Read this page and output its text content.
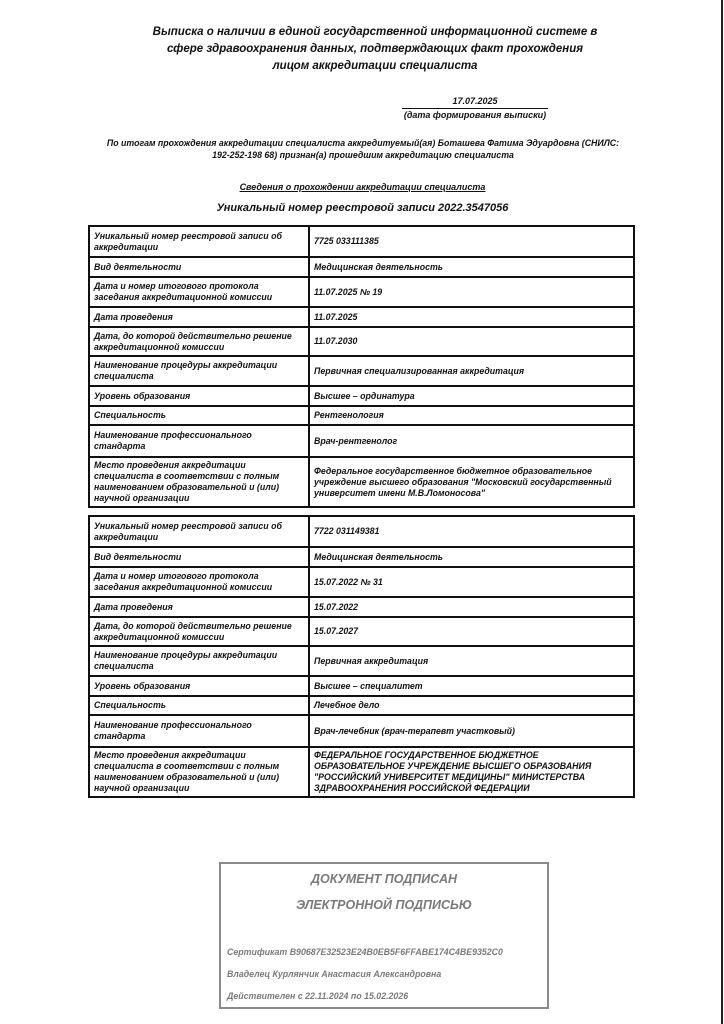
Выписка о наличии в единой государственной информационной системе в сфере здравоохранения данных, подтверждающих факт прохождения лицом аккредитации специалиста
17.07.2025
(дата формирования выписки)
По итогам прохождения аккредитации специалиста аккредитуемый(ая) Боташева Фатима Эдуардовна (СНИЛС:
192-252-198 68) признан(а) прошедшим аккредитацию специалиста
Сведения о прохождении аккредитации специалиста
Уникальный номер реестровой записи 2022.3547056
Уникальный номер реестровой записи об аккредитации	7725 033111385
Вид деятельности	Медицинская деятельность
Дата и номер итогового протокола заседания аккредитационной комиссии	11.07.2025 № 19
Дата проведения	11.07.2025
Дата, до которой действительно решение аккредитационной комиссии	11.07.2030
Наименование процедуры аккредитации специалиста	Первичная специализированная аккредитация
Уровень образования	Высшее – ординатура
Специальность	Рентгенология
Наименование профессионального стандарта	Врач-рентгенолог
Место проведения аккредитации специалиста в соответствии с полным наименованием образовательной и (или) научной организации	Федеральное государственное бюджетное образовательное учреждение высшего образования "Московский государственный университет имени М.В.Ломоносова"
Уникальный номер реестровой записи об аккредитации	7722 031149381
Вид деятельности	Медицинская деятельность
Дата и номер итогового протокола заседания аккредитационной комиссии	15.07.2022 № 31
Дата проведения	15.07.2022
Дата, до которой действительно решение аккредитационной комиссии	15.07.2027
Наименование процедуры аккредитации специалиста	Первичная аккредитация
Уровень образования	Высшее – специалитет
Специальность	Лечебное дело
Наименование профессионального стандарта	Врач-лечебник (врач-терапевт участковый)
Место проведения аккредитации специалиста в соответствии с полным наименованием образовательной и (или) научной организации	ФЕДЕРАЛЬНОЕ ГОСУДАРСТВЕННОЕ БЮДЖЕТНОЕ ОБРАЗОВАТЕЛЬНОЕ УЧРЕЖДЕНИЕ ВЫСШЕГО ОБРАЗОВАНИЯ "РОССИЙСКИЙ УНИВЕРСИТЕТ МЕДИЦИНЫ" МИНИСТЕРСТВА ЗДРАВООХРАНЕНИЯ РОССИЙСКОЙ ФЕДЕРАЦИИ
ДОКУМЕНТ ПОДПИСАН
ЭЛЕКТРОННОЙ ПОДПИСЬЮ
Сертификат B90687E32523E24B0EB5F6FFABE174C4BE9352C0
Владелец Курлянчик Анастасия Александровна
Действителен с 22.11.2024 по 15.02.2026
